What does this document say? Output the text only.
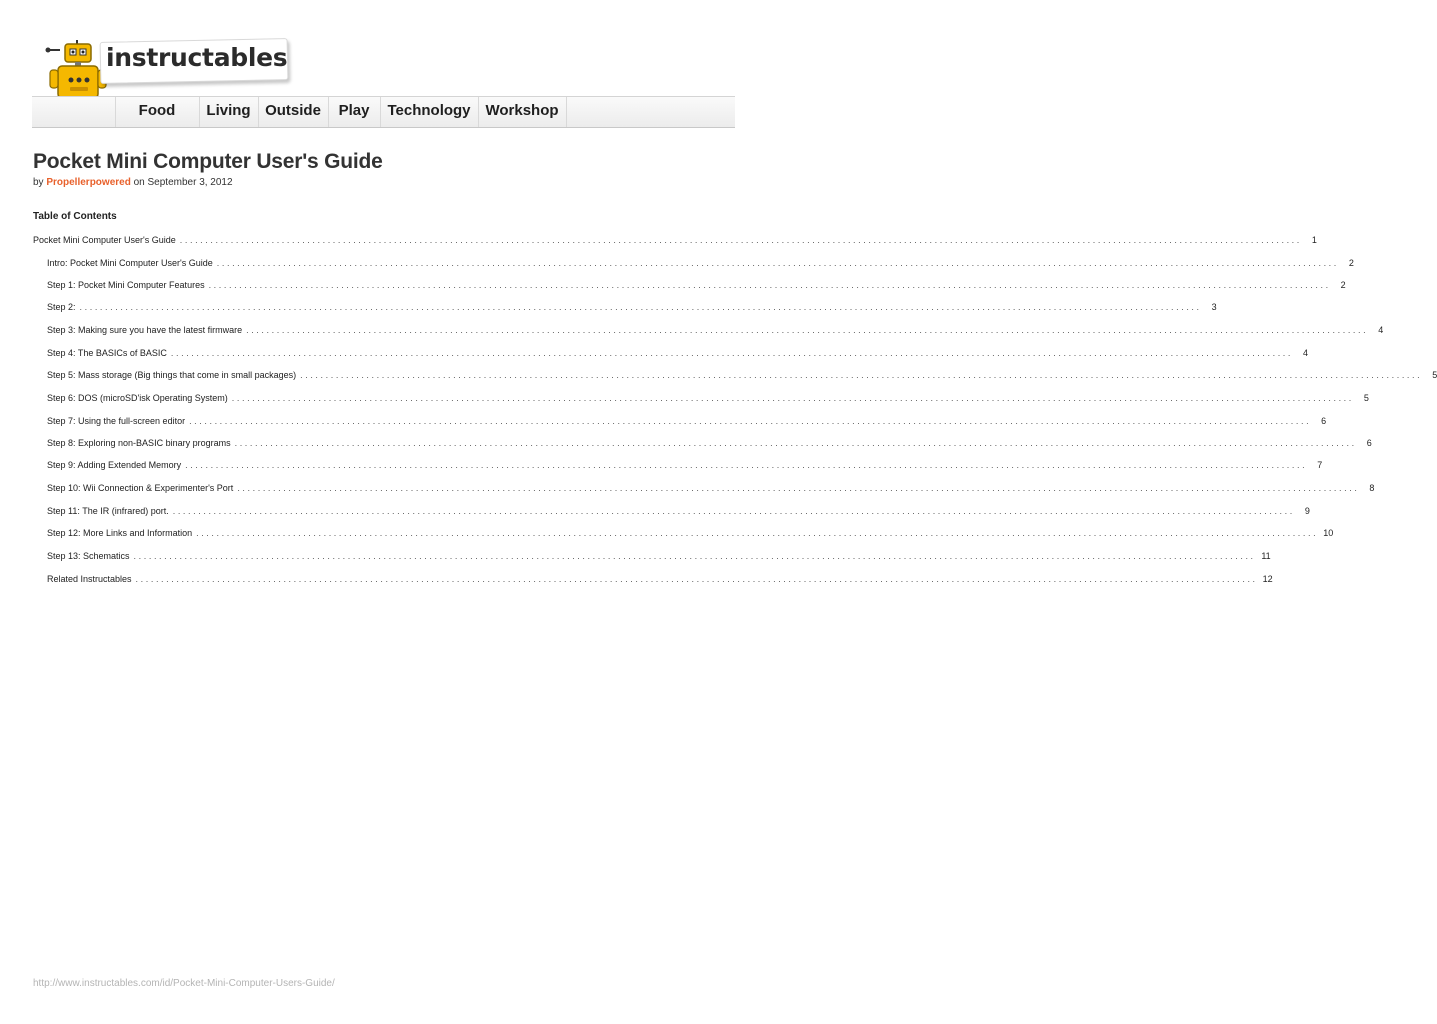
instructables
Food	Living Outside	Play	Technology Workshop
Pocket Mini Computer User's Guide
by Propellerpowered on September 3, 2012
Table of Contents
Pocket Mini Computer User's Guide ............................................................................................................................................................................................................................	1
Intro: Pocket Mini Computer User's Guide ............................................................................................................................................................................................................................	2
Step 1: Pocket Mini Computer Features ............................................................................................................................................................................................................................	2
Step 2: ............................................................................................................................................................................................................................	3
Step 3: Making sure you have the latest firmware ............................................................................................................................................................................................................................	4
Step 4: The BASICs of BASIC ............................................................................................................................................................................................................................	4
Step 5: Mass storage (Big things that come in small packages) ............................................................................................................................................................................................................................	5
Step 6: DOS (microSD'isk Operating System) ............................................................................................................................................................................................................................	5
Step 7: Using the full-screen editor ............................................................................................................................................................................................................................	6
Step 8: Exploring non-BASIC binary programs ............................................................................................................................................................................................................................	6
Step 9: Adding Extended Memory ............................................................................................................................................................................................................................	7
Step 10: Wii Connection & Experimenter's Port ............................................................................................................................................................................................................................	8
Step 11: The IR (infrared) port. ............................................................................................................................................................................................................................	9
Step 12: More Links and Information ............................................................................................................................................................................................................................ 10
Step 13: Schematics ............................................................................................................................................................................................................................ 11
Related Instructables ............................................................................................................................................................................................................................ 12
http://www.instructables.com/id/Pocket-Mini-Computer-Users-Guide/
